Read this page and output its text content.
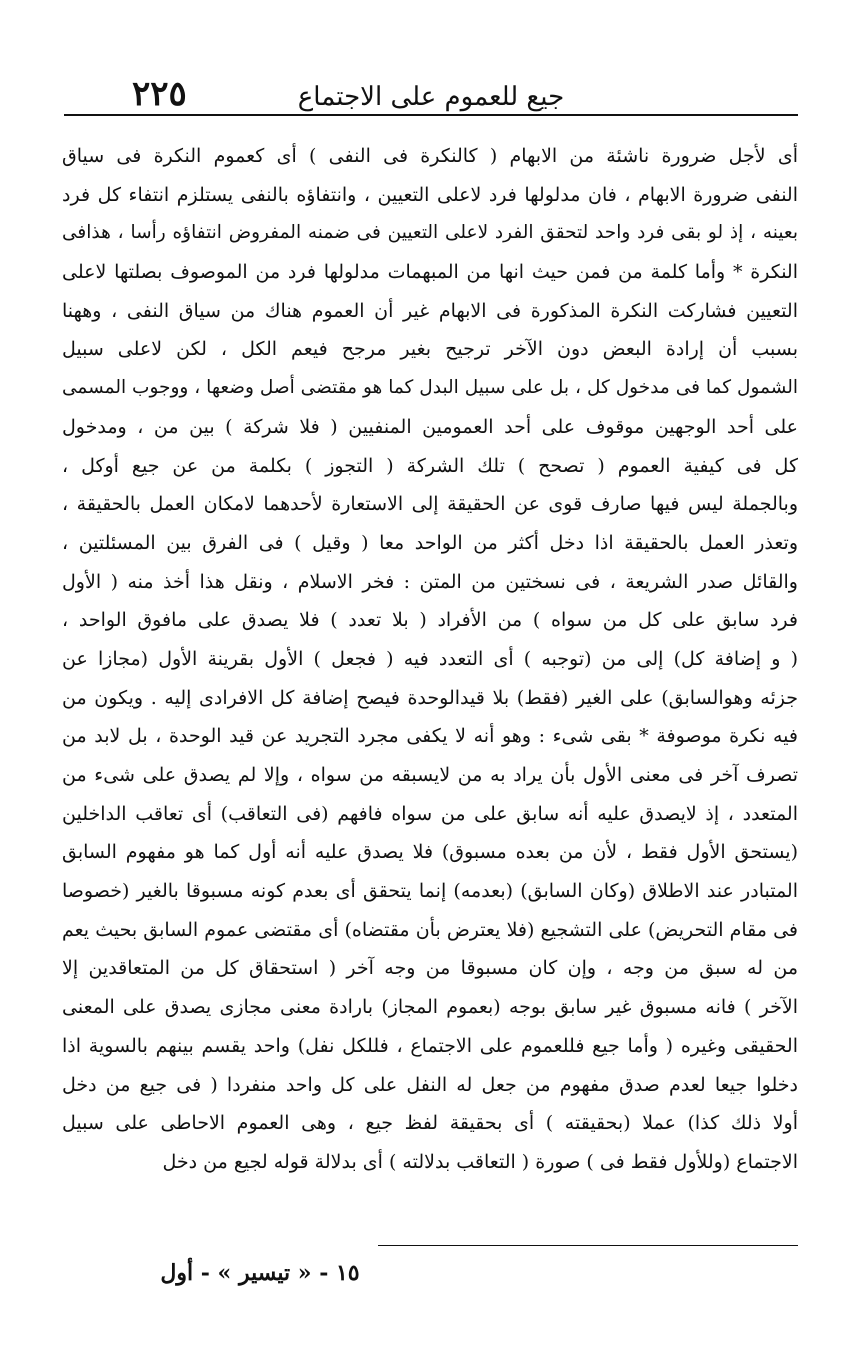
٢٢٥	جيع للعموم على الاجتماع
أى لأجل ضرورة ناشئة من الابهام ( كالنكرة فى النفى ) أى كعموم النكرة فى سياق
النفى ضرورة الابهام ، فان مدلولها فرد لاعلى التعيين ، وانتفاؤه بالنفى يستلزم انتفاء كل فرد
بعينه ، إذ لو بقى فرد واحد لتحقق الفرد لاعلى التعيين فى ضمنه المفروض انتفاؤه رأسا ، هذافى
النكرة * وأما كلمة من فمن حيث انها من المبهمات مدلولها فرد من الموصوف بصلتها لاعلى
التعيين فشاركت النكرة المذكورة فى الابهام غير أن العموم هناك من سياق النفى ، وههنا
بسبب أن إرادة البعض دون الآخر ترجيح بغير مرجح فيعم الكل ، لكن لاعلى سبيل
الشمول كما فى مدخول كل ، بل على سبيل البدل كما هو مقتضى أصل وضعها ، ووجوب المسمى
على أحد الوجهين موقوف على أحد العمومين المنفيين ( فلا شركة ) بين من ، ومدخول
كل فى كيفية العموم ( تصحح ) تلك الشركة ( التجوز ) بكلمة من عن جيع أوكل ،
وبالجملة ليس فيها صارف قوى عن الحقيقة إلى الاستعارة لأحدهما لامكان العمل بالحقيقة ،
وتعذر العمل بالحقيقة اذا دخل أكثر من الواحد معا ( وقيل ) فى الفرق بين المسئلتين ،
والقائل صدر الشريعة ، فى نسختين من المتن : فخر الاسلام ، ونقل هذا أخذ منه ( الأول
فرد سابق على كل من سواه ) من الأفراد ( بلا تعدد ) فلا يصدق على مافوق الواحد ،
( و إضافة كل) إلى من (توجبه ) أى التعدد فيه ( فجعل ) الأول بقرينة الأول (مجازا عن
جزئه وهوالسابق) على الغير (فقط) بلا قيدالوحدة فيصح إضافة كل الافرادى إليه . ويكون من
فيه نكرة موصوفة * بقى شىء : وهو أنه لا يكفى مجرد التجريد عن قيد الوحدة ، بل لابد من
تصرف آخر فى معنى الأول بأن يراد به من لايسبقه من سواه ، وإلا لم يصدق على شىء من
المتعدد ، إذ لايصدق عليه أنه سابق على من سواه فافهم (فى التعاقب) أى تعاقب الداخلين
(يستحق الأول فقط ، لأن من بعده مسبوق) فلا يصدق عليه أنه أول كما هو مفهوم السابق
المتبادر عند الاطلاق (وكان السابق) (بعدمه) إنما يتحقق أى بعدم كونه مسبوقا بالغير (خصوصا
فى مقام التحريض) على التشجيع (فلا يعترض بأن مقتضاه) أى مقتضى عموم السابق بحيث يعم
من له سبق من وجه ، وإن كان مسبوقا من وجه آخر ( استحقاق كل من المتعاقدين إلا
الآخر ) فانه مسبوق غير سابق بوجه (بعموم المجاز) بارادة معنى مجازى يصدق على المعنى
الحقيقى وغيره ( وأما جيع فللعموم على الاجتماع ، فللكل نفل) واحد يقسم بينهم بالسوية اذا
دخلوا جيعا لعدم صدق مفهوم من جعل له النفل على كل واحد منفردا ( فى جيع من دخل
أولا ذلك كذا) عملا (بحقيقته ) أى بحقيقة لفظ جيع ، وهى العموم الاحاطى على سبيل
الاجتماع (وللأول فقط فى ) صورة ( التعاقب بدلالته ) أى بدلالة قوله لجيع من دخل
١٥ - « تيسير » - أول
